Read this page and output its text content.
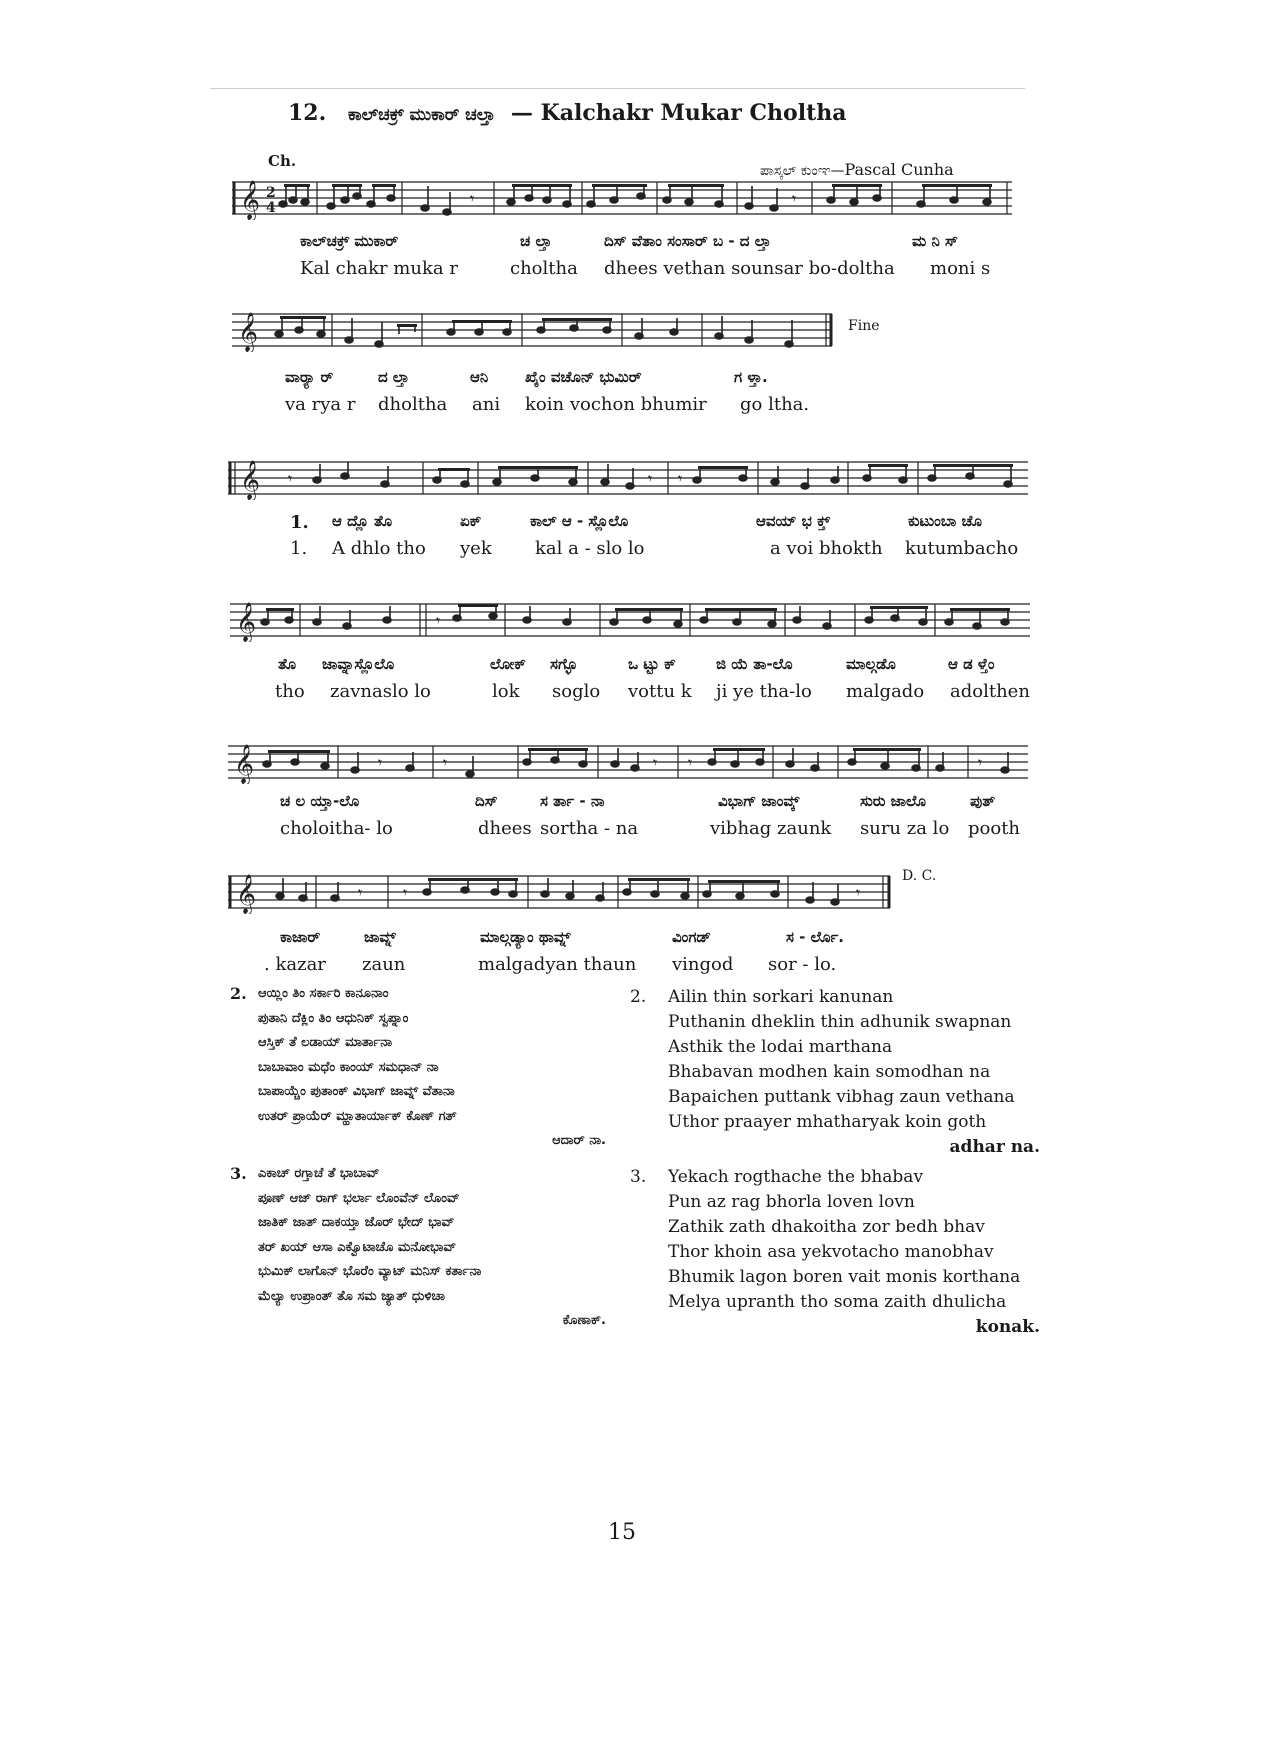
12. ಕಾಲ್‌ಚಕ್ರ್ ಮುಕಾರ್ ಚಲ್ತಾ — Kalchakr Mukar Choltha
Ch.
ಪಾಸ್ಕಲ್ ಕುಂಞ—Pascal Cunha
𝄞 2
4	𝄾	𝄾
ಕಾಲ್‌ಚಕ್ರ್ ಮುಕಾರ್	ಚ ಲ್ತಾ	ದಿಸ್ ವೆತಾಂ ಸಂಸಾರ್ ಬ - ದ ಲ್ತಾ	ಮ ನಿ ಸ್
Kal chakr muka r	choltha dhees vethan sounsar bo-doltha moni s
𝄞	Fine
ವಾರ್‍ಯಾ ರ್	ದ ಲ್ತಾ	ಆನಿ ಖೈಂ ವಚೊನ್ ಭುಮಿರ್	ಗ ಳ್ತಾ.
va rya r dholtha ani koin vochon bhumir go ltha.
𝄞 𝄾	𝄾 𝄾
1. ಆ ದ್ಲೊ ತೊ	ಏಕ್	ಕಾಲ್ ಆ - ಸ್ಲೊಲೊ	ಆವಯ್ ಭ ಕ್ತ್	ಕುಟುಂಬಾ ಚೊ
1. A dhlo tho yek kal a - slo lo	a voi bhokth kutumbacho
𝄞	𝄾
ತೊ ಜಾವ್ನಾಸ್ಲೊಲೊ	ಲೋಕ್ ಸಗ್ಳೊ	ಒ ಟ್ಟು ಕ್	ಜಿ ಯೆ ತಾ-ಲೊ	ಮಾಲ್ಗಡೊ	ಆ ಡ ಳ್ತೆಂ
tho zavnaslo lo	lok soglo vottu k ji ye tha-lo malgado adolthen
𝄞	𝄾	𝄾	𝄾 𝄾	𝄾
ಚ ಲ ಯ್ತಾ-ಲೊ	ದಿಸ್	ಸ ರ್ತಾ - ನಾ	ವಿಭಾಗ್ ಜಾಂವ್ಕ್	ಸುರು ಜಾಲೊ	ಪುತ್
choloitha- lo	dhees sortha - na	vibhag zaunk suru za lo pooth
𝄞	𝄾	𝄾	𝄾
D. C.
ಕಾಜಾರ್	ಜಾವ್ನ್	ಮಾಲ್ಗಡ್ಯಾಂ ಥಾವ್ನ್	ವಿಂಗಡ್	ಸ - ರ್ಲೊ.
. kazar zaun	malgadyan thaun vingod sor - lo.
2. ಆಯ್ಲಿಂ ತಿಂ ಸರ್ಕಾರಿ ಕಾನೂನಾಂ
ಪುತಾನಿ ದೆಕ್ಲಿಂ ತಿಂ ಆಧುನಿಕ್ ಸ್ವಪ್ನಾಂ
ಆಸ್ತಿಕ್ ತೆ ಲಡಾಯ್ ಮಾರ್ತಾನಾ
ಬಾಬಾವಾಂ ಮಧೆಂ ಕಾಂಯ್ ಸಮಧಾನ್ ನಾ
ಬಾಪಾಯ್ಚೆಂ ಪುತಾಂಕ್ ವಿಭಾಗ್ ಜಾವ್ನ್ ವೆತಾನಾ
ಉತರ್ ಪ್ರಾಯೆರ್ ಮ್ಹಾತಾರ್ಯಾಕ್ ಕೊಣ್ ಗತ್
ಆದಾರ್ ನಾ.
2. Ailin thin sorkari kanunan
Puthanin dheklin thin adhunik swapnan
Asthik the lodai marthana
Bhabavan modhen kain somodhan na
Bapaichen puttank vibhag zaun vethana
Uthor praayer mhatharyak koin goth
adhar na.
3. ಎಕಾಚ್ ರಗ್ತಾಚೆ ತೆ ಭಾಬಾವ್
ಪೂಣ್ ಆಜ್ ರಾಗ್ ಭರ್ಲಾ ಲೊಂವೆನ್ ಲೊಂವ್
ಜಾತಿಕ್ ಜಾತ್ ದಾಕಯ್ತಾ ಜೊರ್ ಭೇದ್ ಭಾವ್
ತರ್ ಖಯ್ ಆಸಾ ಎಕ್ವೊಟಾಚೊ ಮನೋಭಾವ್
ಭುಮಿಕ್ ಲಾಗೊನ್ ಭೊರೆಂ ವ್ಯಾಟ್ ಮನಿಸ್ ಕರ್ತಾನಾ
ಮೆಲ್ಯಾ ಉಪ್ರಾಂತ್ ತೊ ಸಮ ಜ್ಯಾತ್ ಧುಳಿಚಾ
ಕೊಣಾಕ್.
3. Yekach rogthache the bhabav
Pun az rag bhorla loven lovn
Zathik zath dhakoitha zor bedh bhav
Thor khoin asa yekvotacho manobhav
Bhumik lagon boren vait monis korthana
Melya upranth tho soma zaith dhulicha
konak.
15
